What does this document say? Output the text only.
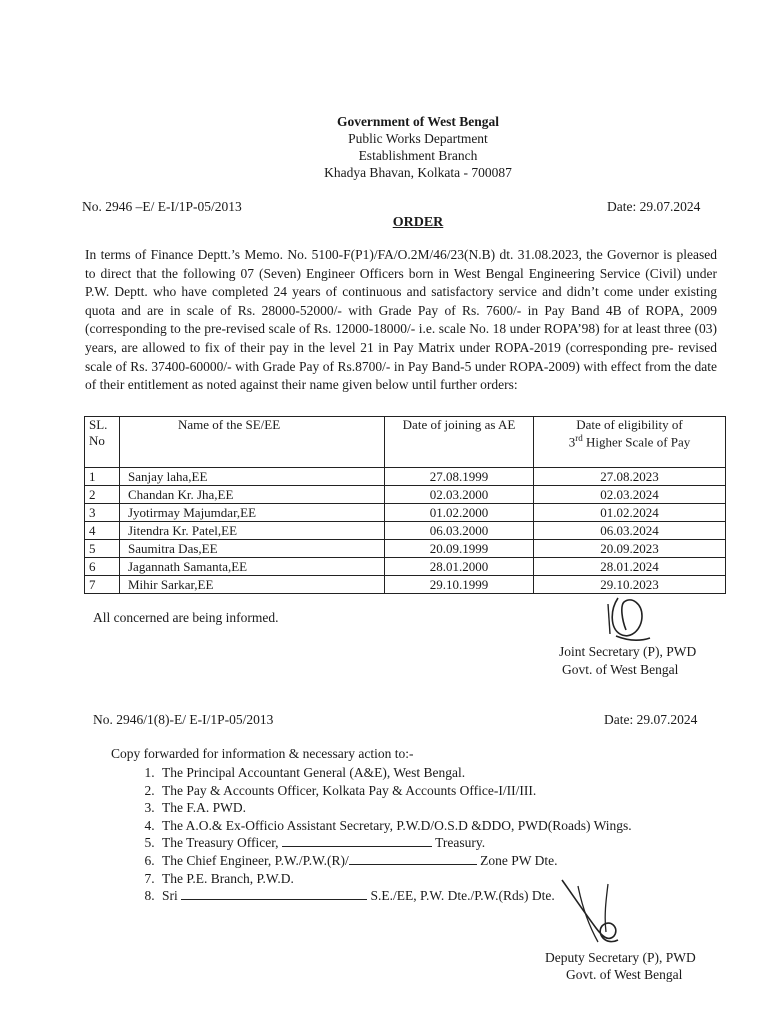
Government of West Bengal
Public Works Department
Establishment Branch
Khadya Bhavan, Kolkata - 700087
No. 2946 –E/ E-I/1P-05/2013	Date: 29.07.2024
ORDER
In terms of Finance Deptt.’s Memo. No. 5100-F(P1)/FA/O.2M/46/23(N.B) dt. 31.08.2023, the Governor is pleased to direct that the following 07 (Seven) Engineer Officers born in West Bengal Engineering Service (Civil) under P.W. Deptt. who have completed 24 years of continuous and satisfactory service and didn’t come under existing quota and are in scale of Rs. 28000-52000/- with Grade Pay of Rs. 7600/- in Pay Band 4B of ROPA, 2009 (corresponding to the pre-revised scale of Rs. 12000-18000/- i.e. scale No. 18 under ROPA’98) for at least three (03) years, are allowed to fix of their pay in the level 21 in Pay Matrix under ROPA-2019 (corresponding pre- revised scale of Rs. 37400-60000/- with Grade Pay of Rs.8700/- in Pay Band-5 under ROPA-2009) with effect from the date of their entitlement as noted against their name given below until further orders:
SL. No	Name of the SE/EE	Date of joining as AE	Date of eligibility of
3rd Higher Scale of Pay
1	Sanjay laha,EE	27.08.1999	27.08.2023
2	Chandan Kr. Jha,EE	02.03.2000	02.03.2024
3	Jyotirmay Majumdar,EE	01.02.2000	01.02.2024
4	Jitendra Kr. Patel,EE	06.03.2000	06.03.2024
5	Saumitra Das,EE	20.09.1999	20.09.2023
6	Jagannath Samanta,EE	28.01.2000	28.01.2024
7	Mihir Sarkar,EE	29.10.1999	29.10.2023
All concerned are being informed.
Joint Secretary (P), PWD
Govt. of West Bengal
No. 2946/1(8)-E/ E-I/1P-05/2013	Date: 29.07.2024
Copy forwarded for information & necessary action to:-
1. The Principal Accountant General (A&E), West Bengal.
2. The Pay & Accounts Officer, Kolkata Pay & Accounts Office-I/II/III.
3. The F.A. PWD.
4. The A.O.& Ex-Officio Assistant Secretary, P.W.D/O.S.D &DDO, PWD(Roads) Wings.
5. The Treasury Officer,	Treasury.
6. The Chief Engineer, P.W./P.W.(R)/	Zone PW Dte.
7. The P.E. Branch, P.W.D.
8. Sri	S.E./EE, P.W. Dte./P.W.(Rds) Dte.
Deputy Secretary (P), PWD
Govt. of West Bengal
